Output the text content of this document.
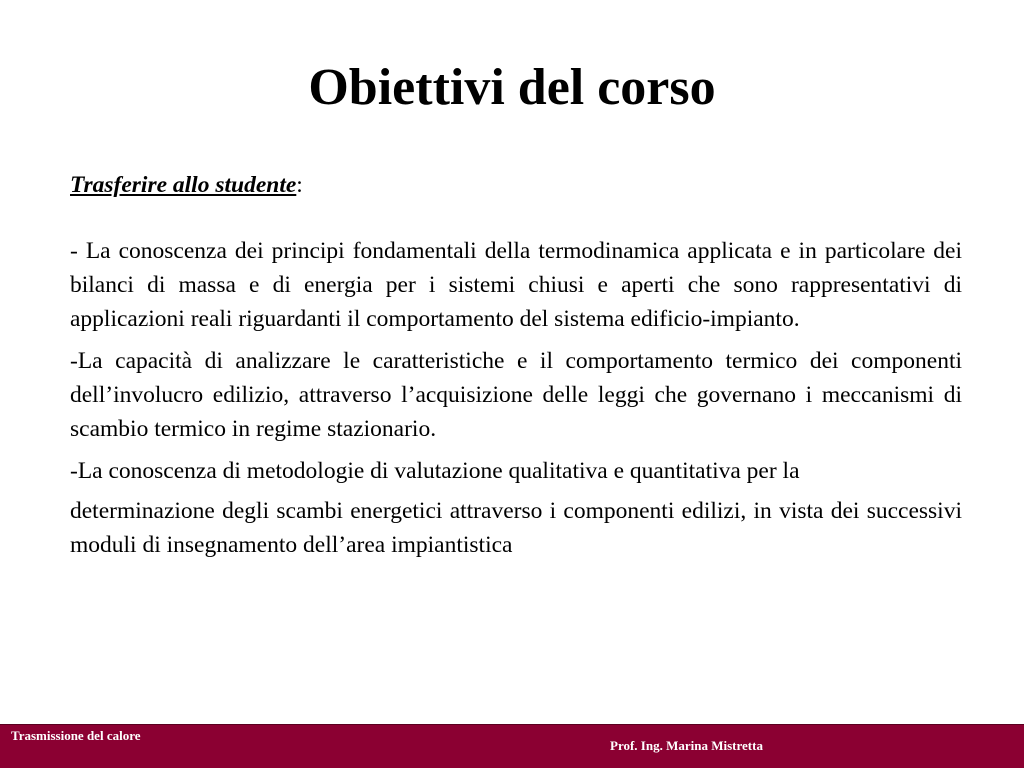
Obiettivi del corso

Trasferire allo studente:

- La conoscenza dei principi fondamentali della termodinamica applicata e in particolare dei bilanci di massa e di energia per i sistemi chiusi e aperti che sono rappresentativi di applicazioni reali riguardanti il comportamento del sistema edificio-impianto.

-La capacità di analizzare le caratteristiche e il comportamento termico dei componenti dell’involucro edilizio, attraverso l’acquisizione delle leggi che governano i meccanismi di scambio termico in regime stazionario.

-La conoscenza di metodologie di valutazione qualitativa e quantitativa per la

determinazione degli scambi energetici attraverso i componenti edilizi, in vista dei successivi moduli di insegnamento dell’area impiantistica

Trasmissione del calore
Prof. Ing. Marina Mistretta
